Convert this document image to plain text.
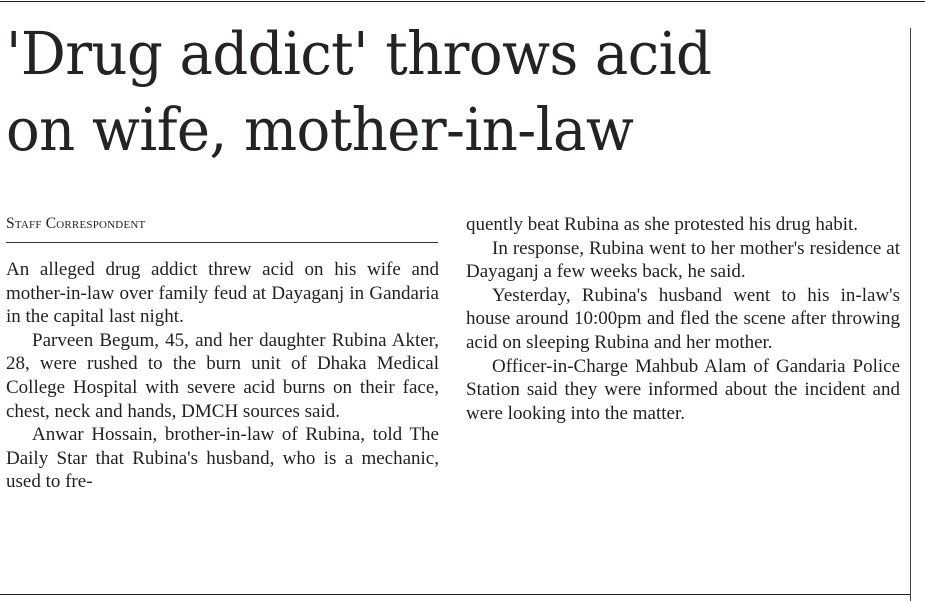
'Drug addict' throws acid
on wife, mother-in-law
Staff Correspondent

An alleged drug addict threw acid on his wife and mother-in-law over family feud at Dayaganj in Gandaria in the capital last night.

Parveen Begum, 45, and her daughter Rubina Akter, 28, were rushed to the burn unit of Dhaka Medical College Hospital with severe acid burns on their face, chest, neck and hands, DMCH sources said.

Anwar Hossain, brother-in-law of Rubina, told The Daily Star that Rubina's husband, who is a mechanic, used to fre-

quently beat Rubina as she protested his drug habit.

In response, Rubina went to her mother's residence at Dayaganj a few weeks back, he said.

Yesterday, Rubina's husband went to his in-law's house around 10:00pm and fled the scene after throwing acid on sleeping Rubina and her mother.

Officer-in-Charge Mahbub Alam of Gandaria Police Station said they were informed about the incident and were looking into the matter.
